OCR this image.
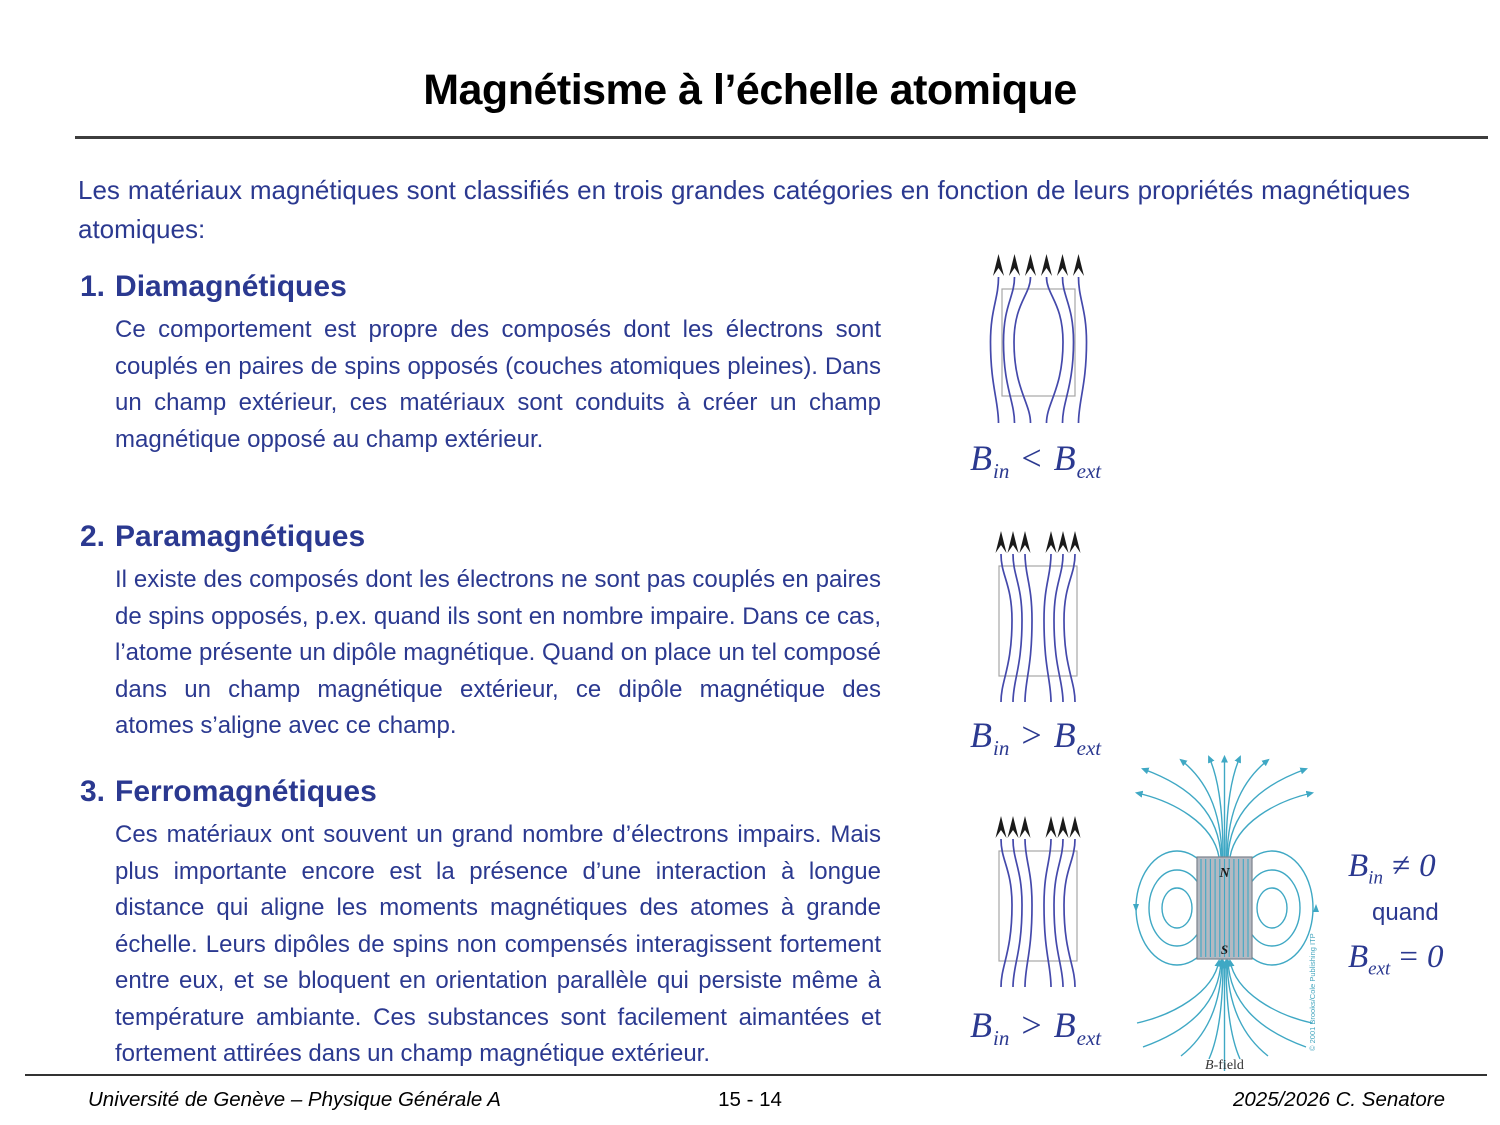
Magnétisme à l’échelle atomique
Les matériaux magnétiques sont classifiés en trois grandes catégories en fonction de leurs propriétés magnétiques atomiques:
1. Diamagnétiques
Ce comportement est propre des composés dont les électrons sont couplés en paires de spins opposés (couches atomiques pleines). Dans un champ extérieur, ces matériaux sont conduits à créer un champ magnétique opposé au champ extérieur.
2. Paramagnétiques
Il existe des composés dont les électrons ne sont pas couplés en paires de spins opposés, p.ex. quand ils sont en nombre impaire. Dans ce cas, l’atome présente un dipôle magnétique. Quand on place un tel composé dans un champ magnétique extérieur, ce dipôle magnétique des atomes s’aligne avec ce champ.
3. Ferromagnétiques
Ces matériaux ont souvent un grand nombre d’électrons impairs. Mais plus importante encore est la présence d’une interaction à longue distance qui aligne les moments magnétiques des atomes à grande échelle. Leurs dipôles de spins non compensés interagissent fortement entre eux, et se bloquent en orientation parallèle qui persiste même à température ambiante. Ces substances sont facilement aimantées et fortement attirées dans un champ magnétique extérieur.
$B_{in} < B_{ext}$
$B_{in} > B_{ext}$
$B_{in} > B_{ext}$
N
S
B-field
© 2001 Brooks/Cole Publishing ITP
$B_{in} \ne 0$
quand
$B_{ext} = 0$
Université de Genève – Physique Générale A	15 - 14	2025/2026 C. Senatore
